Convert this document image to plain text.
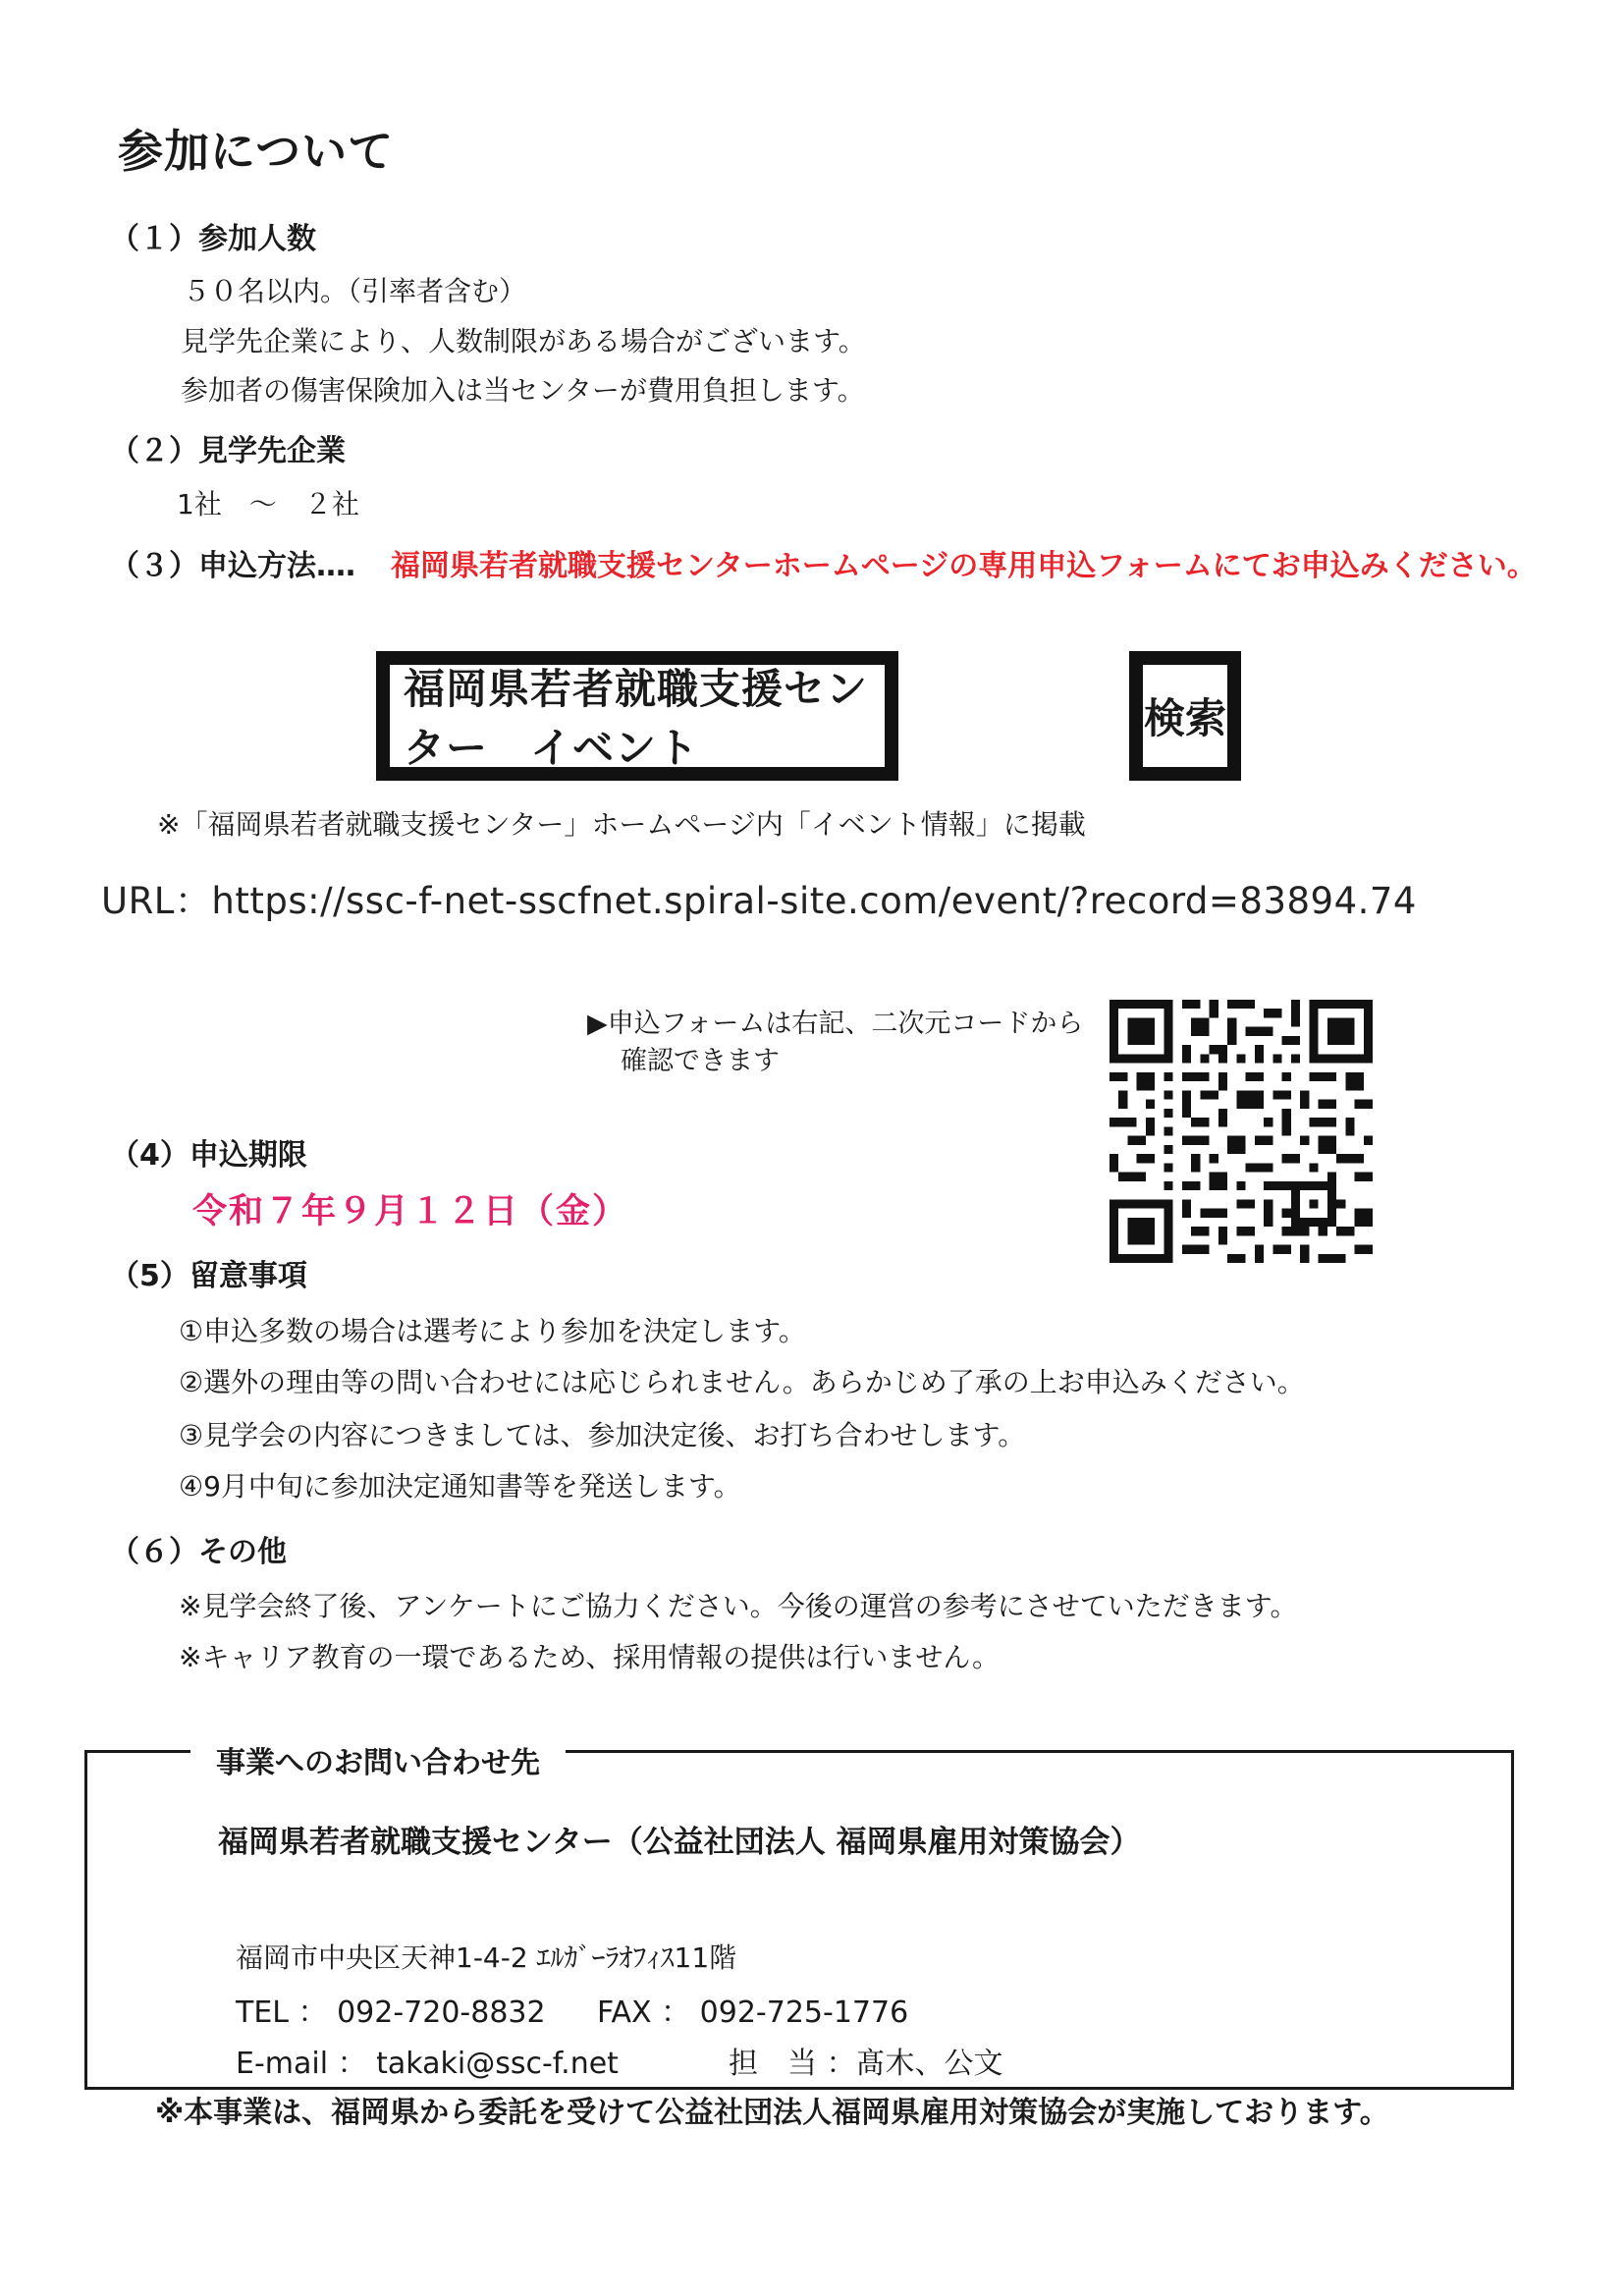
参加について
（１）参加人数
５０名以内。（引率者含む）
見学先企業により、人数制限がある場合がございます。
参加者の傷害保険加入は当センターが費用負担します。
（２）見学先企業
1社　～　２社
（３）申込方法‥‥ 福岡県若者就職支援センターホームページの専用申込フォームにてお申込みください。
福岡県若者就職支援センター　イベント
検索
※「福岡県若者就職支援センター」ホームページ内「イベント情報」に掲載
URL：https://ssc-f-net-sscfnet.spiral-site.com/event/?record=83894.74
▶申込フォームは右記、二次元コードから
確認できます
（4）申込期限
令和７年９月１２日（金）
（5）留意事項
①申込多数の場合は選考により参加を決定します。
②選外の理由等の問い合わせには応じられません。あらかじめ了承の上お申込みください。
③見学会の内容につきましては、参加決定後、お打ち合わせします。
④9月中旬に参加決定通知書等を発送します。
（６）その他
※見学会終了後、アンケートにご協力ください。今後の運営の参考にさせていただきます。
※キャリア教育の一環であるため、採用情報の提供は行いません。
事業へのお問い合わせ先
福岡県若者就職支援センター（公益社団法人 福岡県雇用対策協会）
福岡市中央区天神1-4-2 ｴﾙｶﾞｰﾗｵﾌｨｽ11階
TEL ： 092-720-8832 FAX ： 092-725-1776
E-mail ： takaki@ssc-f.net	担　当 ：髙木、公文
※本事業は、福岡県から委託を受けて公益社団法人福岡県雇用対策協会が実施しております。
